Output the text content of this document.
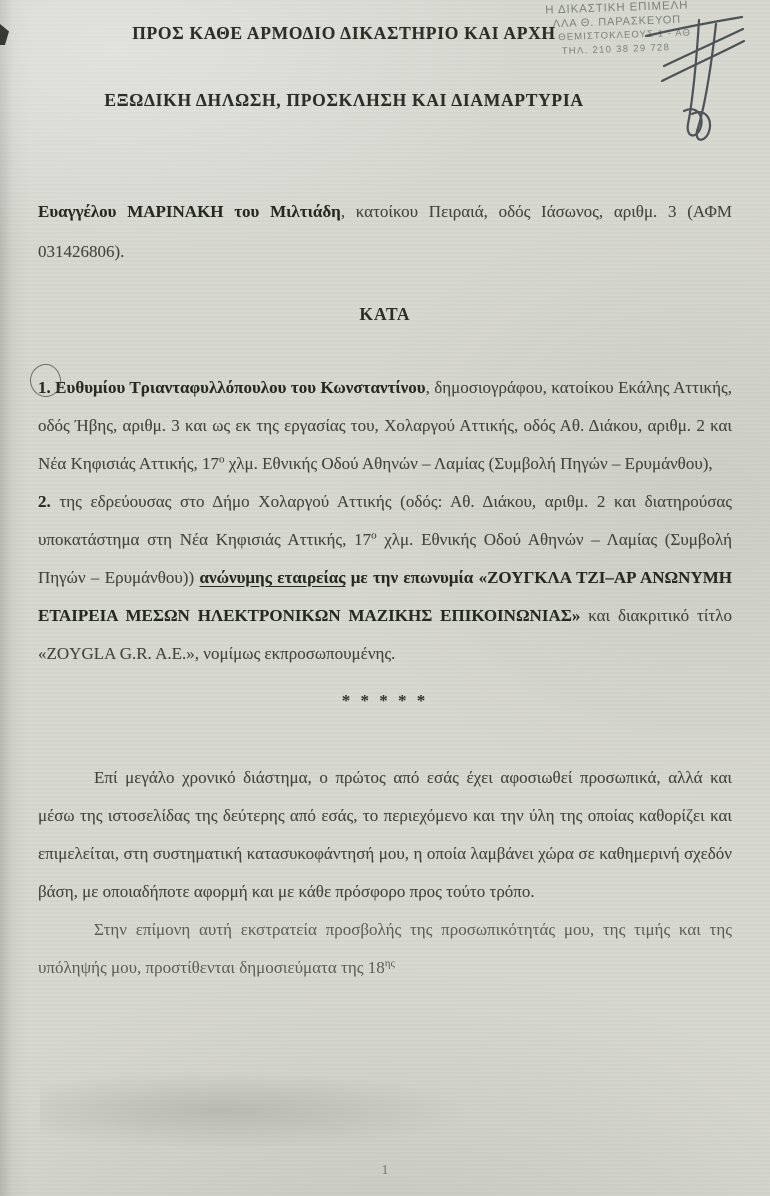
Η ΔΙΚΑΣΤΙΚΗ ΕΠΙΜΕΛΗ
ΛΛΑ Θ. ΠΑΡΑΣΚΕΥΟΠ
ΘΕΜΙΣΤΟΚΛΕΟΥΣ 1 - ΑΘ
ΤΗΛ. 210 38 29 728
ΠΡΟΣ ΚΑΘΕ ΑΡΜΟΔΙΟ ΔΙΚΑΣΤΗΡΙΟ ΚΑΙ ΑΡΧΗ
ΕΞΩΔΙΚΗ ΔΗΛΩΣΗ, ΠΡΟΣΚΛΗΣΗ ΚΑΙ ΔΙΑΜΑΡΤΥΡΙΑ

Ευαγγέλου ΜΑΡΙΝΑΚΗ του Μιλτιάδη, κατοίκου Πειραιά, οδός Ιάσωνος, αριθμ. 3 (ΑΦΜ 031426806).

ΚΑΤΑ

1. Ευθυμίου Τριανταφυλλόπουλου του Κωνσταντίνου, δημοσιογράφου, κατοίκου Εκάλης Αττικής, οδός Ήβης, αριθμ. 3 και ως εκ της εργασίας του, Χολαργού Αττικής, οδός Αθ. Διάκου, αριθμ. 2 και Νέα Κηφισιάς Αττικής, $17^o$ χλμ. Εθνικής Οδού Αθηνών – Λαμίας (Συμβολή Πηγών – Ερυμάνθου),

2. της εδρεύουσας στο Δήμο Χολαργού Αττικής (οδός: Αθ. Διάκου, αριθμ. 2 και διατηρούσας υποκατάστημα στη Νέα Κηφισιάς Αττικής, $17^o$ χλμ. Εθνικής Οδού Αθηνών – Λαμίας (Συμβολή Πηγών – Ερυμάνθου)) ανώνυμης εταιρείας με την επωνυμία «ΖΟΥΓΚΛΑ ΤΖΙ–ΑΡ ΑΝΩΝΥΜΗ ΕΤΑΙΡΕΙΑ ΜΕΣΩΝ ΗΛΕΚΤΡΟΝΙΚΩΝ ΜΑΖΙΚΗΣ ΕΠΙΚΟΙΝΩΝΙΑΣ» και διακριτικό τίτλο «ZOYGLA G.R. A.E.», νομίμως εκπροσωπουμένης.

* * * * *

Επί μεγάλο χρονικό διάστημα, ο πρώτος από εσάς έχει αφοσιωθεί προσωπικά, αλλά και μέσω της ιστοσελίδας της δεύτερης από εσάς, το περιεχόμενο και την ύλη της οποίας καθορίζει και επιμελείται, στη συστηματική κατασυκοφάντησή μου, η οποία λαμβάνει χώρα σε καθημερινή σχεδόν βάση, με οποιαδήποτε αφορμή και με κάθε πρόσφορο προς τούτο τρόπο.

Στην επίμονη αυτή εκστρατεία προσβολής της προσωπικότητάς μου, της τιμής και της υπόληψής μου, προστίθενται δημοσιεύματα της $18^{\eta\varsigma}$

1
